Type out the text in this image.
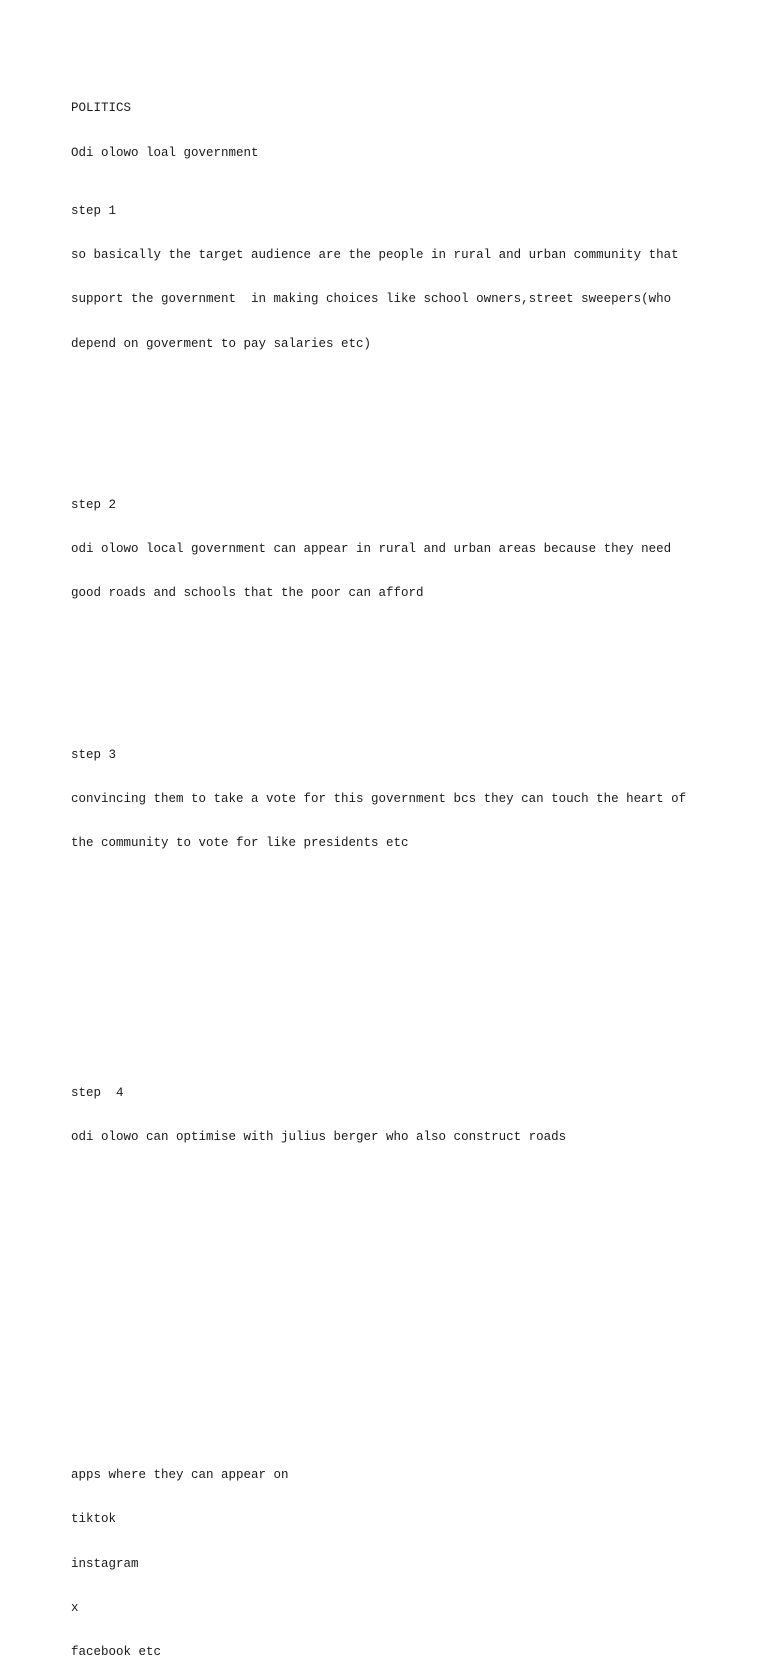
POLITICS

Odi olowo loal government

step 1

so basically the target audience are the people in rural and urban community that

support the government  in making choices like school owners,street sweepers(who

depend on goverment to pay salaries etc)

step 2

odi olowo local government can appear in rural and urban areas because they need

good roads and schools that the poor can afford

step 3

convincing them to take a vote for this government bcs they can touch the heart of

the community to vote for like presidents etc

step  4

odi olowo can optimise with julius berger who also construct roads

apps where they can appear on

tiktok

instagram

x

facebook etc
